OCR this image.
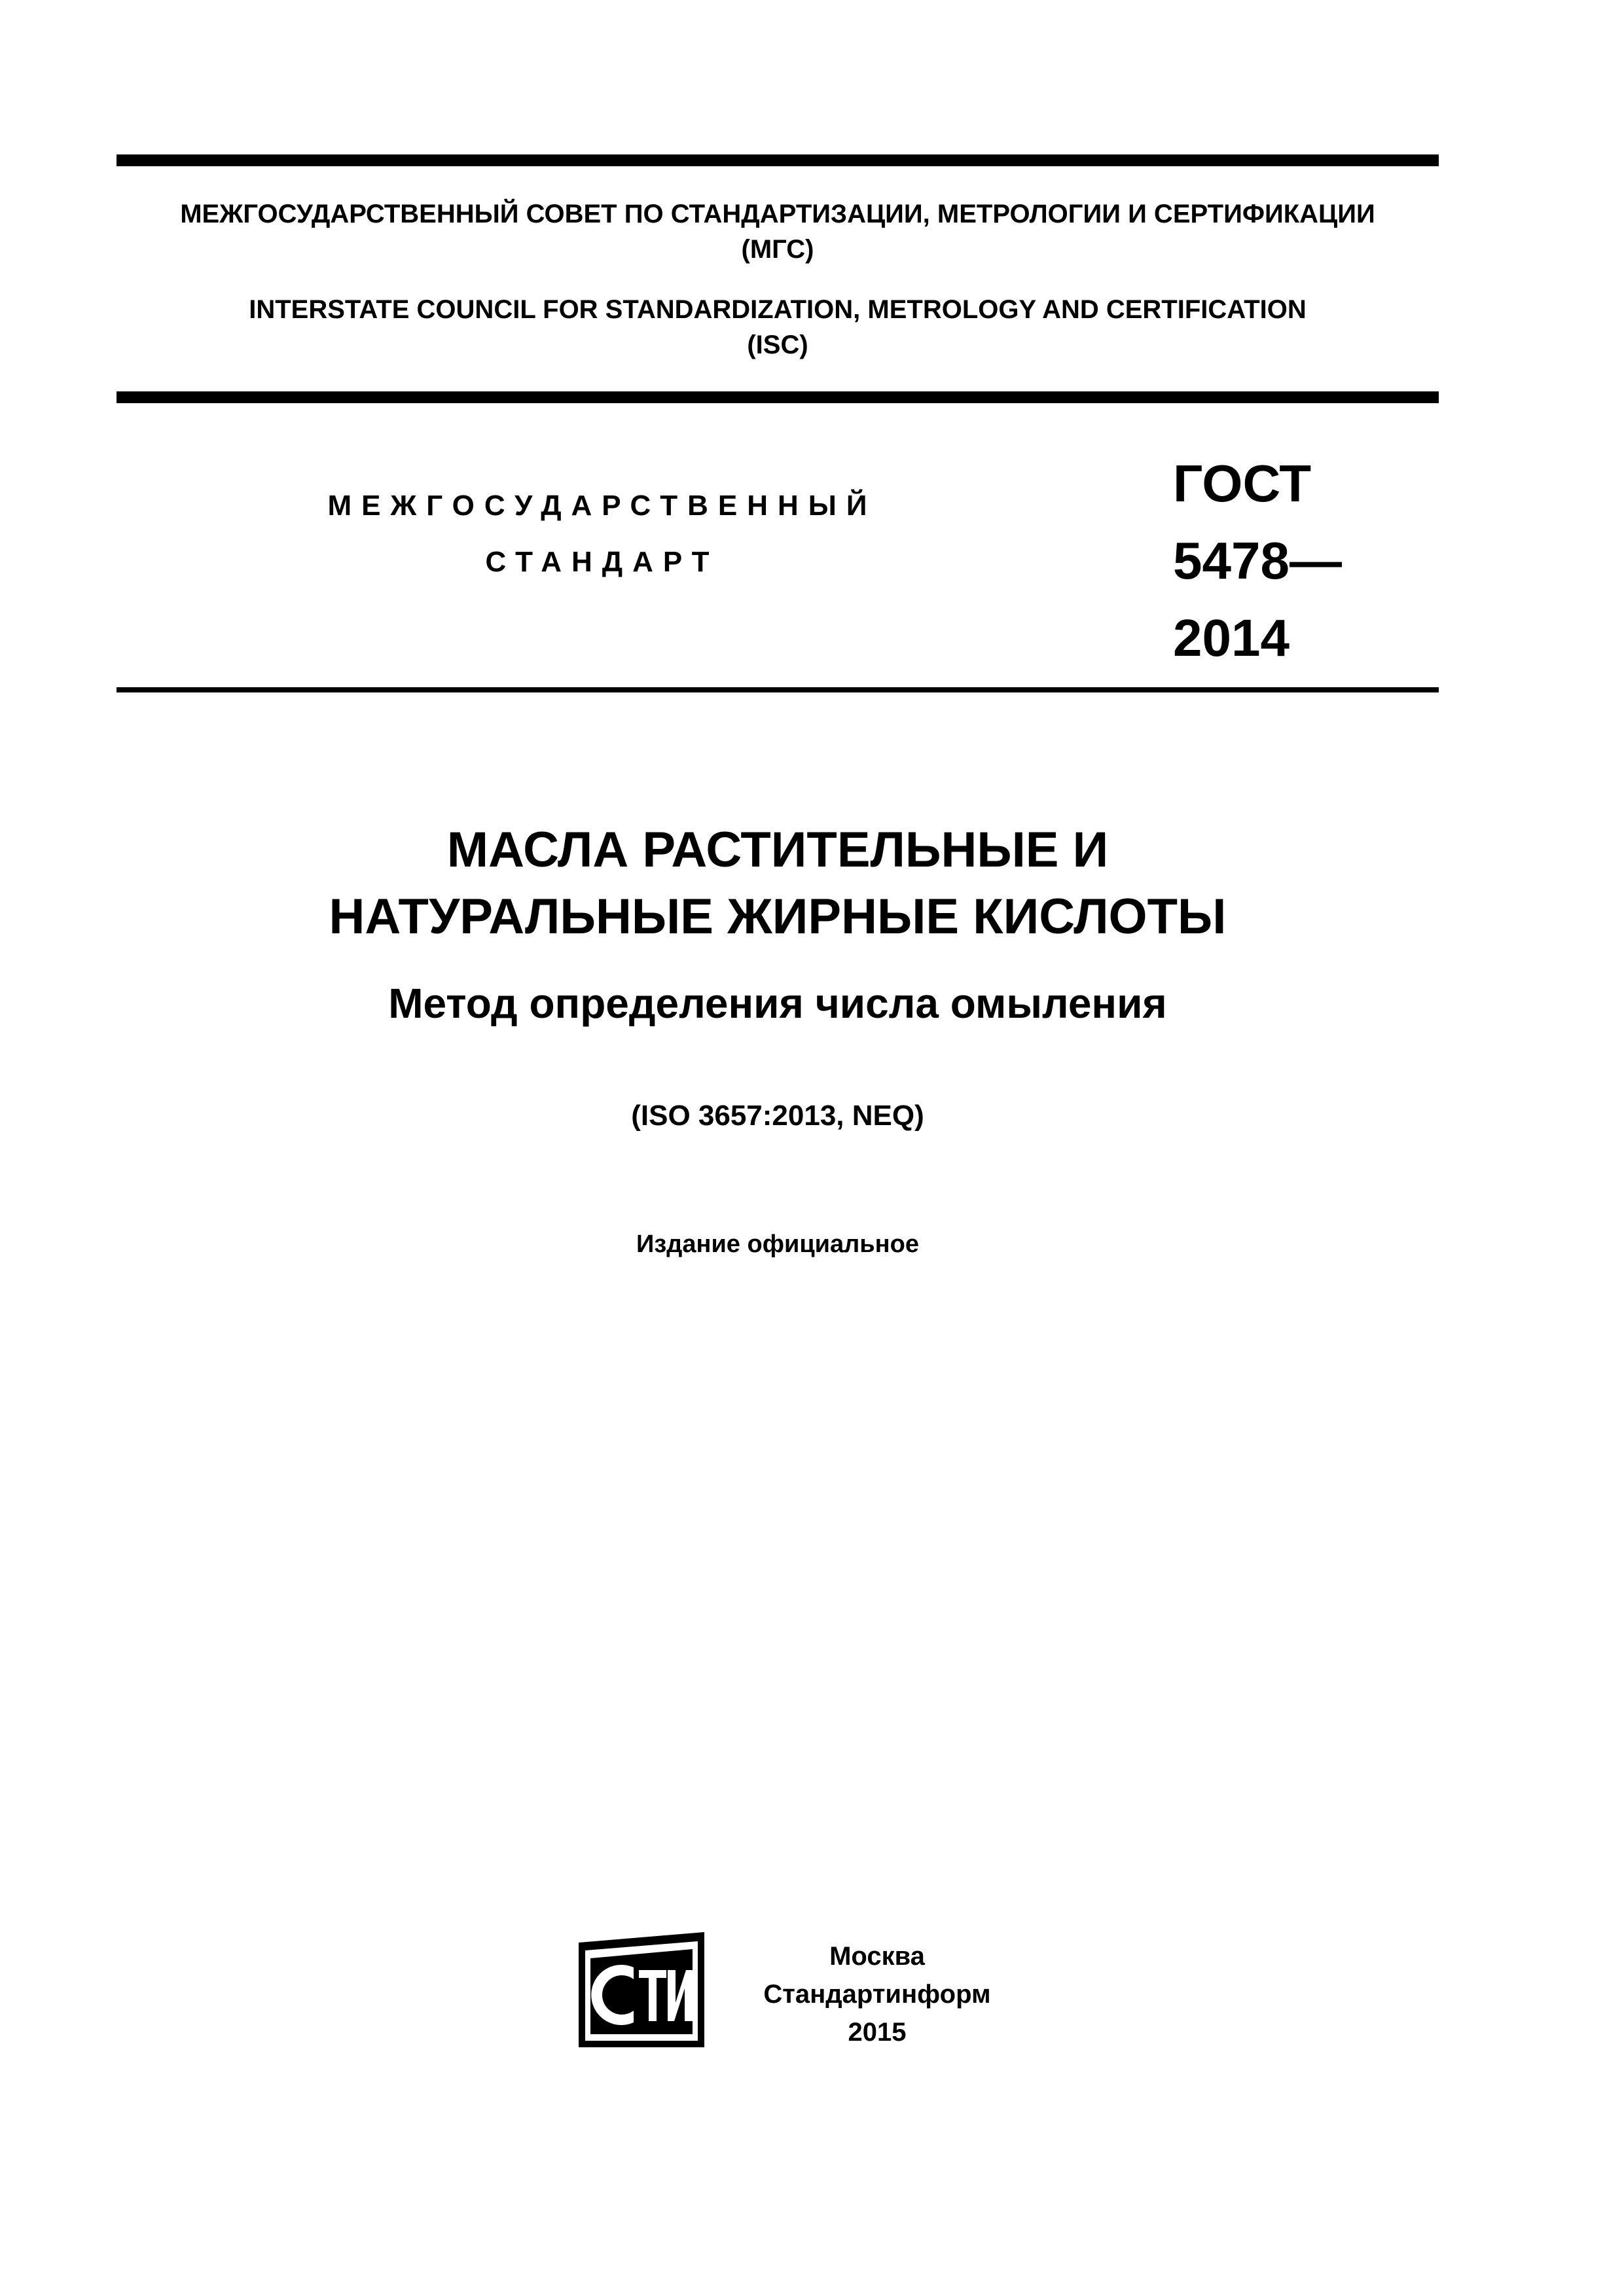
МЕЖГОСУДАРСТВЕННЫЙ СОВЕТ ПО СТАНДАРТИЗАЦИИ, МЕТРОЛОГИИ И СЕРТИФИКАЦИИ
(МГС)
INTERSTATE COUNCIL FOR STANDARDIZATION, METROLOGY AND CERTIFICATION
(ISC)
МЕЖГОСУДАРСТВЕННЫЙ
СТАНДАРТ
ГОСТ
5478—
2014
МАСЛА РАСТИТЕЛЬНЫЕ И
НАТУРАЛЬНЫЕ ЖИРНЫЕ КИСЛОТЫ
Метод определения числа омыления
(ISO 3657:2013, NEQ)
Издание официальное
Москва
Стандартинформ
2015
